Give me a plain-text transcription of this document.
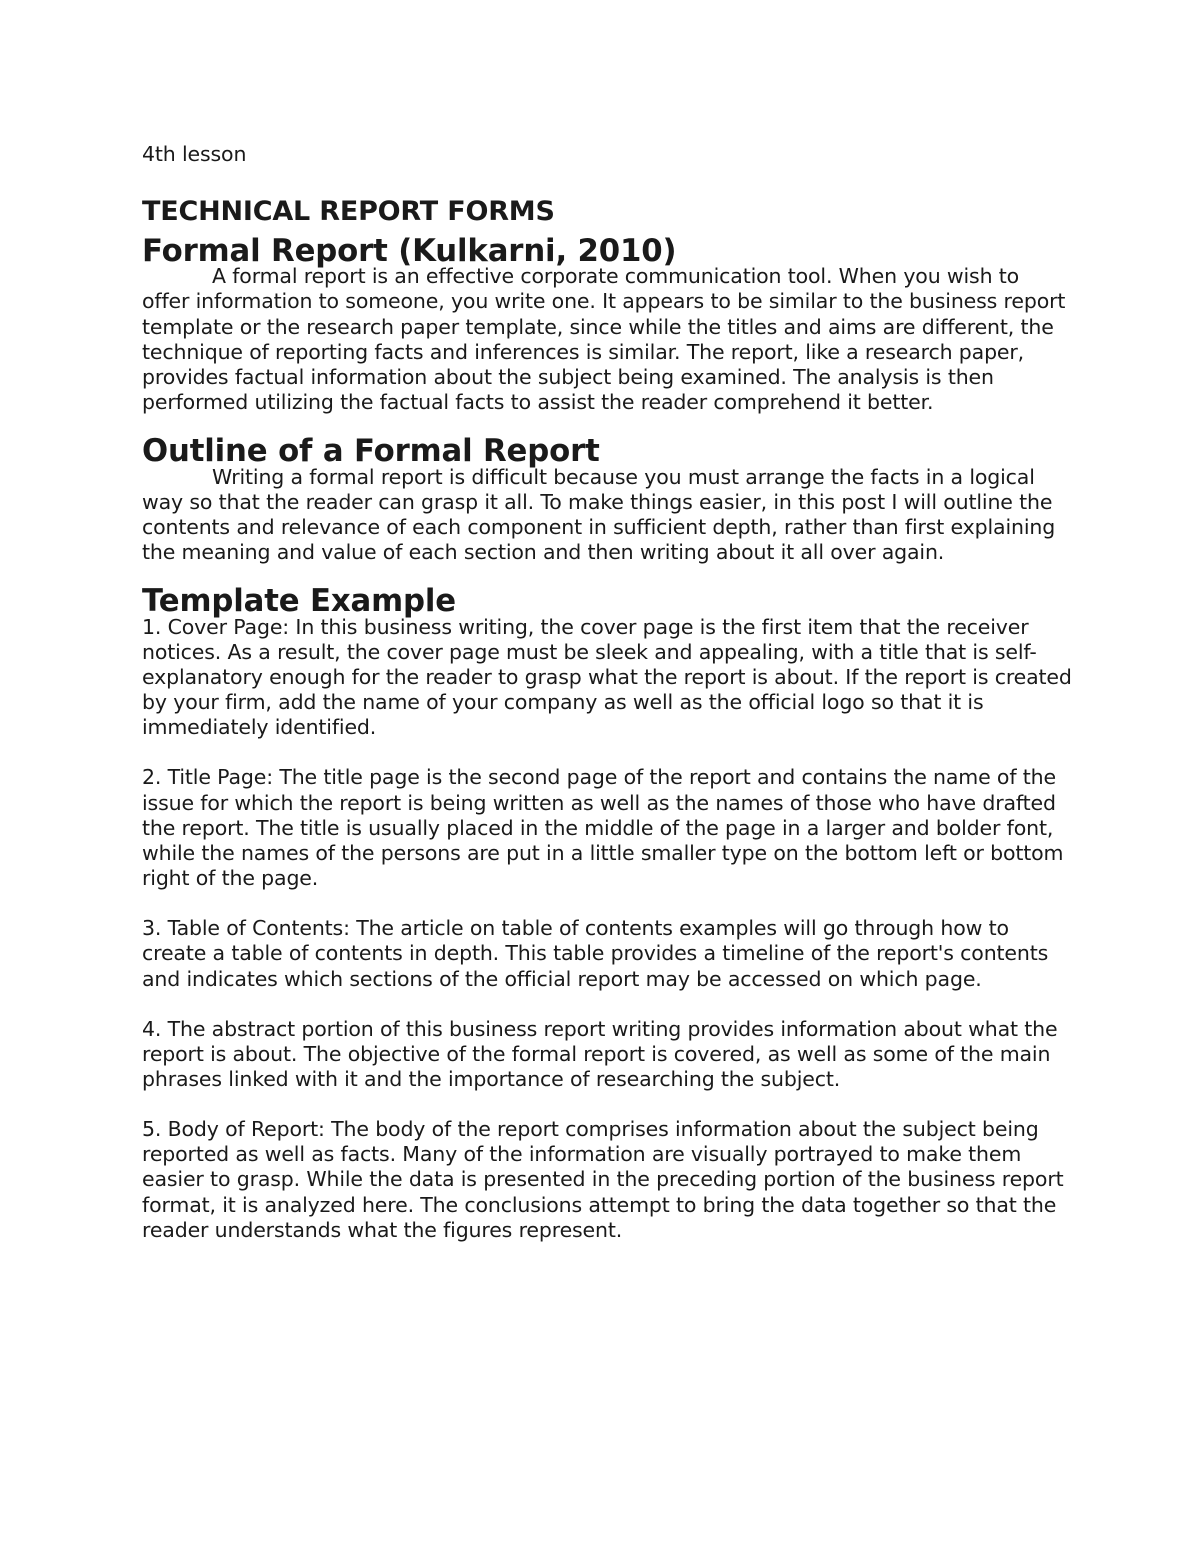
4th lesson

TECHNICAL REPORT FORMS
Formal Report (Kulkarni, 2010)

A formal report is an effective corporate communication tool. When you wish to offer information to someone, you write one. It appears to be similar to the business report template or the research paper template, since while the titles and aims are different, the technique of reporting facts and inferences is similar. The report, like a research paper, provides factual information about the subject being examined. The analysis is then performed utilizing the factual facts to assist the reader comprehend it better.

Outline of a Formal Report

Writing a formal report is difficult because you must arrange the facts in a logical way so that the reader can grasp it all. To make things easier, in this post I will outline the contents and relevance of each component in sufficient depth, rather than first explaining the meaning and value of each section and then writing about it all over again.

Template Example

1. Cover Page: In this business writing, the cover page is the first item that the receiver notices. As a result, the cover page must be sleek and appealing, with a title that is self-explanatory enough for the reader to grasp what the report is about. If the report is created by your firm, add the name of your company as well as the official logo so that it is immediately identified.

2. Title Page: The title page is the second page of the report and contains the name of the issue for which the report is being written as well as the names of those who have drafted the report. The title is usually placed in the middle of the page in a larger and bolder font, while the names of the persons are put in a little smaller type on the bottom left or bottom right of the page.

3. Table of Contents: The article on table of contents examples will go through how to create a table of contents in depth. This table provides a timeline of the report's contents and indicates which sections of the official report may be accessed on which page.

4. The abstract portion of this business report writing provides information about what the report is about. The objective of the formal report is covered, as well as some of the main phrases linked with it and the importance of researching the subject.

5. Body of Report: The body of the report comprises information about the subject being reported as well as facts. Many of the information are visually portrayed to make them easier to grasp. While the data is presented in the preceding portion of the business report format, it is analyzed here. The conclusions attempt to bring the data together so that the reader understands what the figures represent.
